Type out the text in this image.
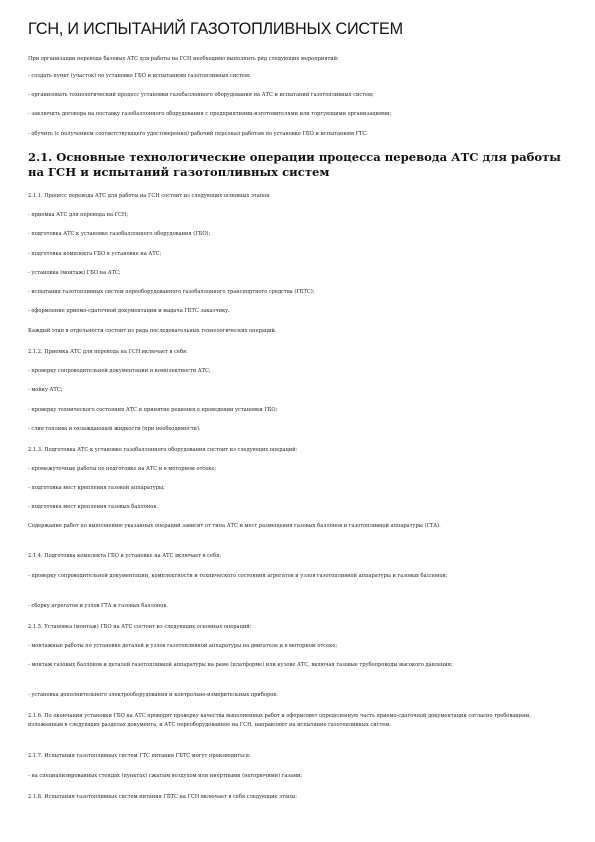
ГСН, И ИСПЫТАНИЙ ГАЗОТОПЛИВНЫХ СИСТЕМ

При организации перевода базовых АТС для работы на ГСН необходимо выполнить ряд следующих мероприятий:

- создать пункт (участок) по установке ГБО и испытаниям газотопливных систем;

- организовать технологический процесс установки газобаллонного оборудования на АТС и испытаний газотопливных систем;

- заключить договора на поставку газобаллонного оборудования с предприятиями-изготовителями или торгующими организациями;

- обучить (с получением соответствующего удостоверения) рабочий персонал работам по установке ГБО и испытаниям ГТС.

2.1. Основные технологические операции процесса перевода АТС для работы на ГСН и испытаний газотопливных систем

2.1.1. Процесс перевода АТС для работы на ГСН состоит из следующих основных этапов:

- приемка АТС для перевода на ГСН;

- подготовка АТС к установке газобаллонного оборудования (ГБО);

- подготовка комплекта ГБО к установке на АТС;

- установка (монтаж) ГБО на АТС;

- испытания газотопливных систем переоборудованного газобаллонного транспортного средства (ГБТС);

- оформление приемо-сдаточной документации и выдача ГБТС заказчику.

Каждый этап в отдельности состоит из ряда последовательных технологических операций.

2.1.2. Приемка АТС для перевода на ГСН включает в себя:

- проверку сопроводительной документации и комплектности АТС;

- мойку АТС;

- проверку технического состояния АТС и принятие решения о проведении установки ГБО;

- слив топлива и охлаждающей жидкости (при необходимости).

2.1.3. Подготовка АТС к установке газобаллонного оборудования состоит из следующих операций:

- промежуточные работы по подготовке на АТС и в моторном отсеке;

- подготовка мест крепления газовой аппаратуры;

- подготовка мест крепления газовых баллонов.

Содержание работ по выполнению указанных операций зависит от типа АТС и мест размещения газовых баллонов и газотопливной аппаратуры (ГТА).

2.1.4. Подготовка комплекта ГБО к установке на АТС включает в себя:

- проверку сопроводительной документации, комплектности и технического состояния агрегатов и узлов газотопливной аппаратуры и газовых баллонов;

- сборку агрегатов и узлов ГТА и газовых баллонов.

2.1.5. Установка (монтаж) ГБО на АТС состоит из следующих основных операций:

- монтажные работы по установке деталей и узлов газотопливной аппаратуры на двигателе и в моторном отсеке;

- монтаж газовых баллонов и деталей газотопливной аппаратуры на раме (платформе) или кузове АТС, включая газовые трубопроводы высокого давления;

- установка дополнительного электрооборудования и контрольно-измерительных приборов.

2.1.6. По окончании установки ГБО на АТС проводят проверку качества выполненных работ и оформляют определенную часть приемо-сдаточной документации согласно требованиям, изложенным в следующих разделах документа, и АТС переоборудованное на ГСН, направляют на испытание газотопливных систем.

2.1.7. Испытания газотопливных систем ГТС питания ГБТС могут производиться:

- на специализированных стендах (пунктах) сжатым воздухом или инертными (негорючими) газами;

2.1.8. Испытания газотопливных систем питания ГБТС на ГСН включает в себя следующие этапы:
